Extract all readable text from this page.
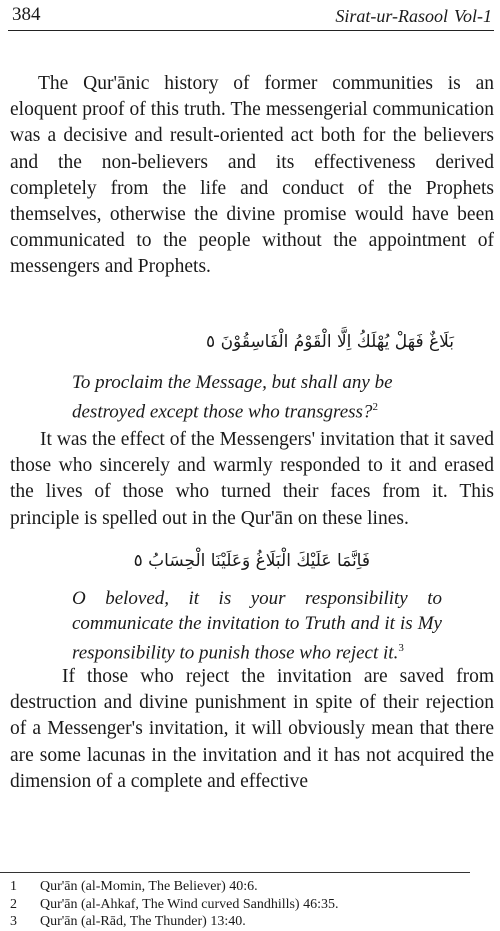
384	Sirat-ur-Rasool Vol-1

The Qur'ānic history of former communities is an eloquent proof of this truth. The messengerial communication was a decisive and result-oriented act both for the believers and the non-believers and its effectiveness derived completely from the life and conduct of the Prophets themselves, otherwise the divine promise would have been communicated to the people without the appointment of messengers and Prophets.

بَلَاغٌ فَهَلْ يُهْلَكُ اِلَّا الْقَوْمُ الْفَاسِقُوْنَ ٥

To proclaim the Message, but shall any be destroyed except those who transgress?$^2$

It was the effect of the Messengers' invitation that it saved those who sincerely and warmly responded to it and erased the lives of those who turned their faces from it. This principle is spelled out in the Qur'ān on these lines.

فَاِنَّمَا عَلَيْكَ الْبَلَاغُ وَعَلَيْنَا الْحِسَابُ ٥

O beloved, it is your responsibility to communicate the invitation to Truth and it is My responsibility to punish those who reject it.$^3$

If those who reject the invitation are saved from destruction and divine punishment in spite of their rejection of a Messenger's invitation, it will obviously mean that there are some lacunas in the invitation and it has not acquired the dimension of a complete and effective

1 Qur'ān (al-Momin, The Believer) 40:6.
2 Qur'ān (al-Ahkaf, The Wind curved Sandhills) 46:35.
3 Qur'ān (al-Rād, The Thunder) 13:40.
